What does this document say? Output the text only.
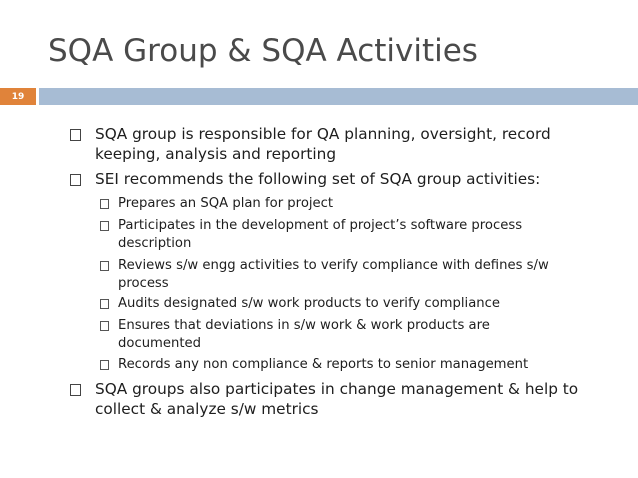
SQA Group & SQA Activities
19
SQA group is responsible for QA planning, oversight, record keeping, analysis and reporting
SEI recommends the following set of SQA group activities:
Prepares an SQA plan for project
Participates in the development of project’s software process description
Reviews s/w engg activities to verify compliance with defines s/w process
Audits designated s/w work products to verify compliance
Ensures that deviations in s/w work & work products are documented
Records any non compliance & reports to senior management
SQA groups also participates in change management & help to collect & analyze s/w metrics
